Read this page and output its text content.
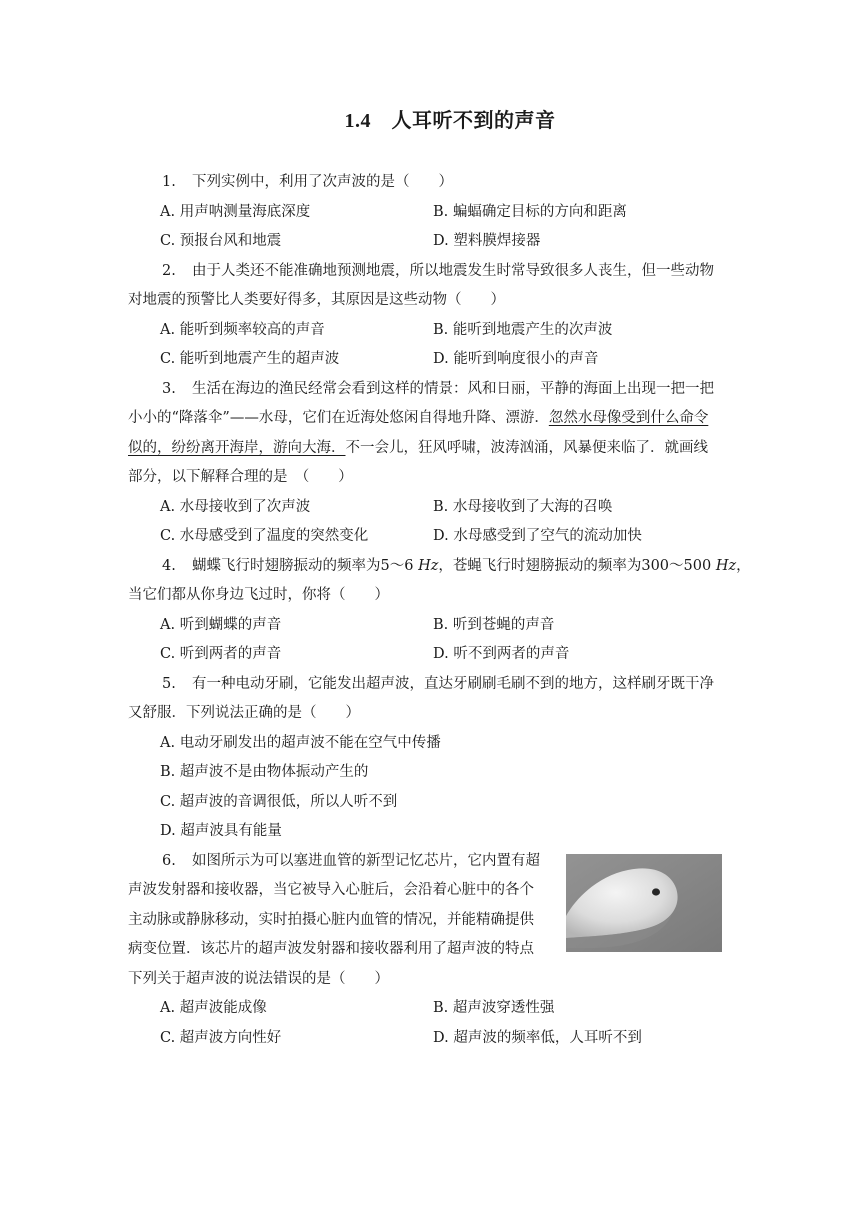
1.4　人耳听不到的声音
1. 下列实例中，利用了次声波的是（　　）
A. 用声呐测量海底深度	B. 蝙蝠确定目标的方向和距离
C. 预报台风和地震	D. 塑料膜焊接器
2. 由于人类还不能准确地预测地震，所以地震发生时常导致很多人丧生，但一些动物
对地震的预警比人类要好得多，其原因是这些动物（　　）
A. 能听到频率较高的声音	B. 能听到地震产生的次声波
C. 能听到地震产生的超声波	D. 能听到响度很小的声音
3. 生活在海边的渔民经常会看到这样的情景：风和日丽，平静的海面上出现一把一把
小小的“降落伞”——水母，它们在近海处悠闲自得地升降、漂游．忽然水母像受到什么命令
似的，纷纷离开海岸，游向大海．不一会儿，狂风呼啸，波涛汹涌，风暴便来临了．就画线
部分，以下解释合理的是　（　　）
A. 水母接收到了次声波	B. 水母接收到了大海的召唤
C. 水母感受到了温度的突然变化	D. 水母感受到了空气的流动加快
4. 蝴蝶飞行时翅膀振动的频率为5～6 Hz，苍蝇飞行时翅膀振动的频率为300～500 Hz，
当它们都从你身边飞过时，你将（　　）
A. 听到蝴蝶的声音	B. 听到苍蝇的声音
C. 听到两者的声音	D. 听不到两者的声音
5. 有一种电动牙刷，它能发出超声波，直达牙刷刷毛刷不到的地方，这样刷牙既干净
又舒服．下列说法正确的是（　　）
A. 电动牙刷发出的超声波不能在空气中传播
B. 超声波不是由物体振动产生的
C. 超声波的音调很低，所以人听不到
D. 超声波具有能量
6. 如图所示为可以塞进血管的新型记忆芯片，它内置有超
声波发射器和接收器，当它被导入心脏后，会沿着心脏中的各个
主动脉或静脉移动，实时拍摄心脏内血管的情况，并能精确提供
病变位置．该芯片的超声波发射器和接收器利用了超声波的特点
下列关于超声波的说法错误的是（　　）
A. 超声波能成像	B. 超声波穿透性强
C. 超声波方向性好	D. 超声波的频率低，人耳听不到
